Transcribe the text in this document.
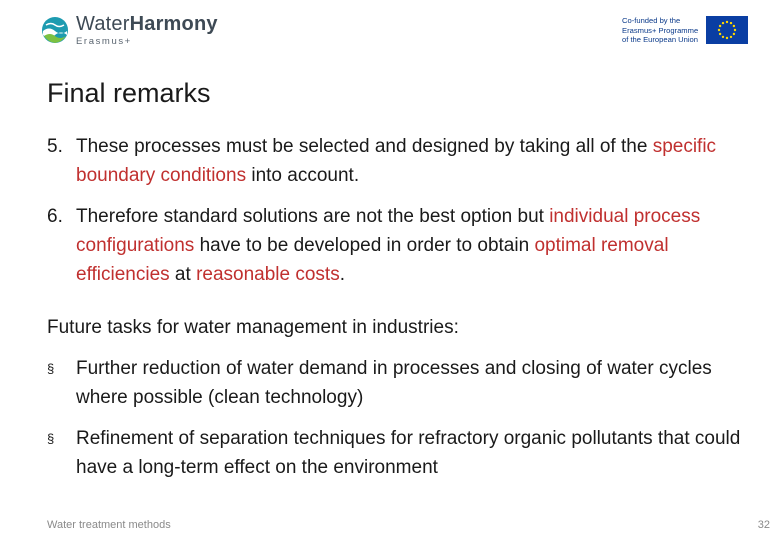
WaterHarmony
Erasmus+
Co-funded by the
Erasmus+ Programme
of the European Union
Final remarks
5. These processes must be selected and designed by taking all of the specific boundary conditions into account.
6. Therefore standard solutions are not the best option but individual process configurations have to be developed in order to obtain optimal removal efficiencies at reasonable costs.
Future tasks for water management in industries:
§	Further reduction of water demand in processes and closing of water cycles where possible (clean technology)
§	Refinement of separation techniques for refractory organic pollutants that could have a long-term effect on the environment
Water treatment methods	32
